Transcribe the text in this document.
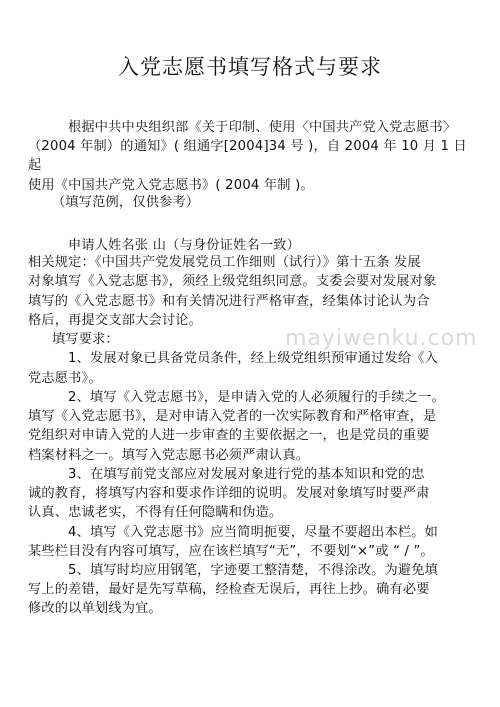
入党志愿书填写格式与要求
根据中共中央组织部《关于印制、使用〈中国共产党入党志愿书〉
（2004 年制）的通知》( 组通字[2004]34 号 )，自 2004 年 10 月 1 日
起
使用《中国共产党入党志愿书》( 2004 年制 )。
（填写范例，仅供参考）
申请人姓名张 山（与身份证姓名一致）
相关规定：《中国共产党发展党员工作细则（试行）》第十五条 发展
对象填写《入党志愿书》，须经上级党组织同意。支委会要对发展对象
填写的《入党志愿书》和有关情况进行严格审查，经集体讨论认为合
格后，再提交支部大会讨论。
填写要求：
1、发展对象已具备党员条件，经上级党组织预审通过发给《入
党志愿书》。
2、填写《入党志愿书》，是申请入党的人必须履行的手续之一。
填写《入党志愿书》，是对申请入党者的一次实际教育和严格审查，是
党组织对申请入党的人进一步审查的主要依据之一，也是党员的重要
档案材料之一。填写入党志愿书必须严肃认真。
3、在填写前党支部应对发展对象进行党的基本知识和党的忠
诚的教育，将填写内容和要求作详细的说明。发展对象填写时要严肃
认真、忠诚老实，不得有任何隐瞒和伪造。
4、填写《入党志愿书》应当简明扼要，尽量不要超出本栏。如
某些栏目没有内容可填写，应在该栏填写“无”，不要划“×”或 “ / ”。
5、填写时均应用钢笔，字迹要工整清楚，不得涂改。为避免填
写上的差错，最好是先写草稿，经检查无误后，再往上抄。确有必要
修改的以单划线为宜。
mayiwenku.com
